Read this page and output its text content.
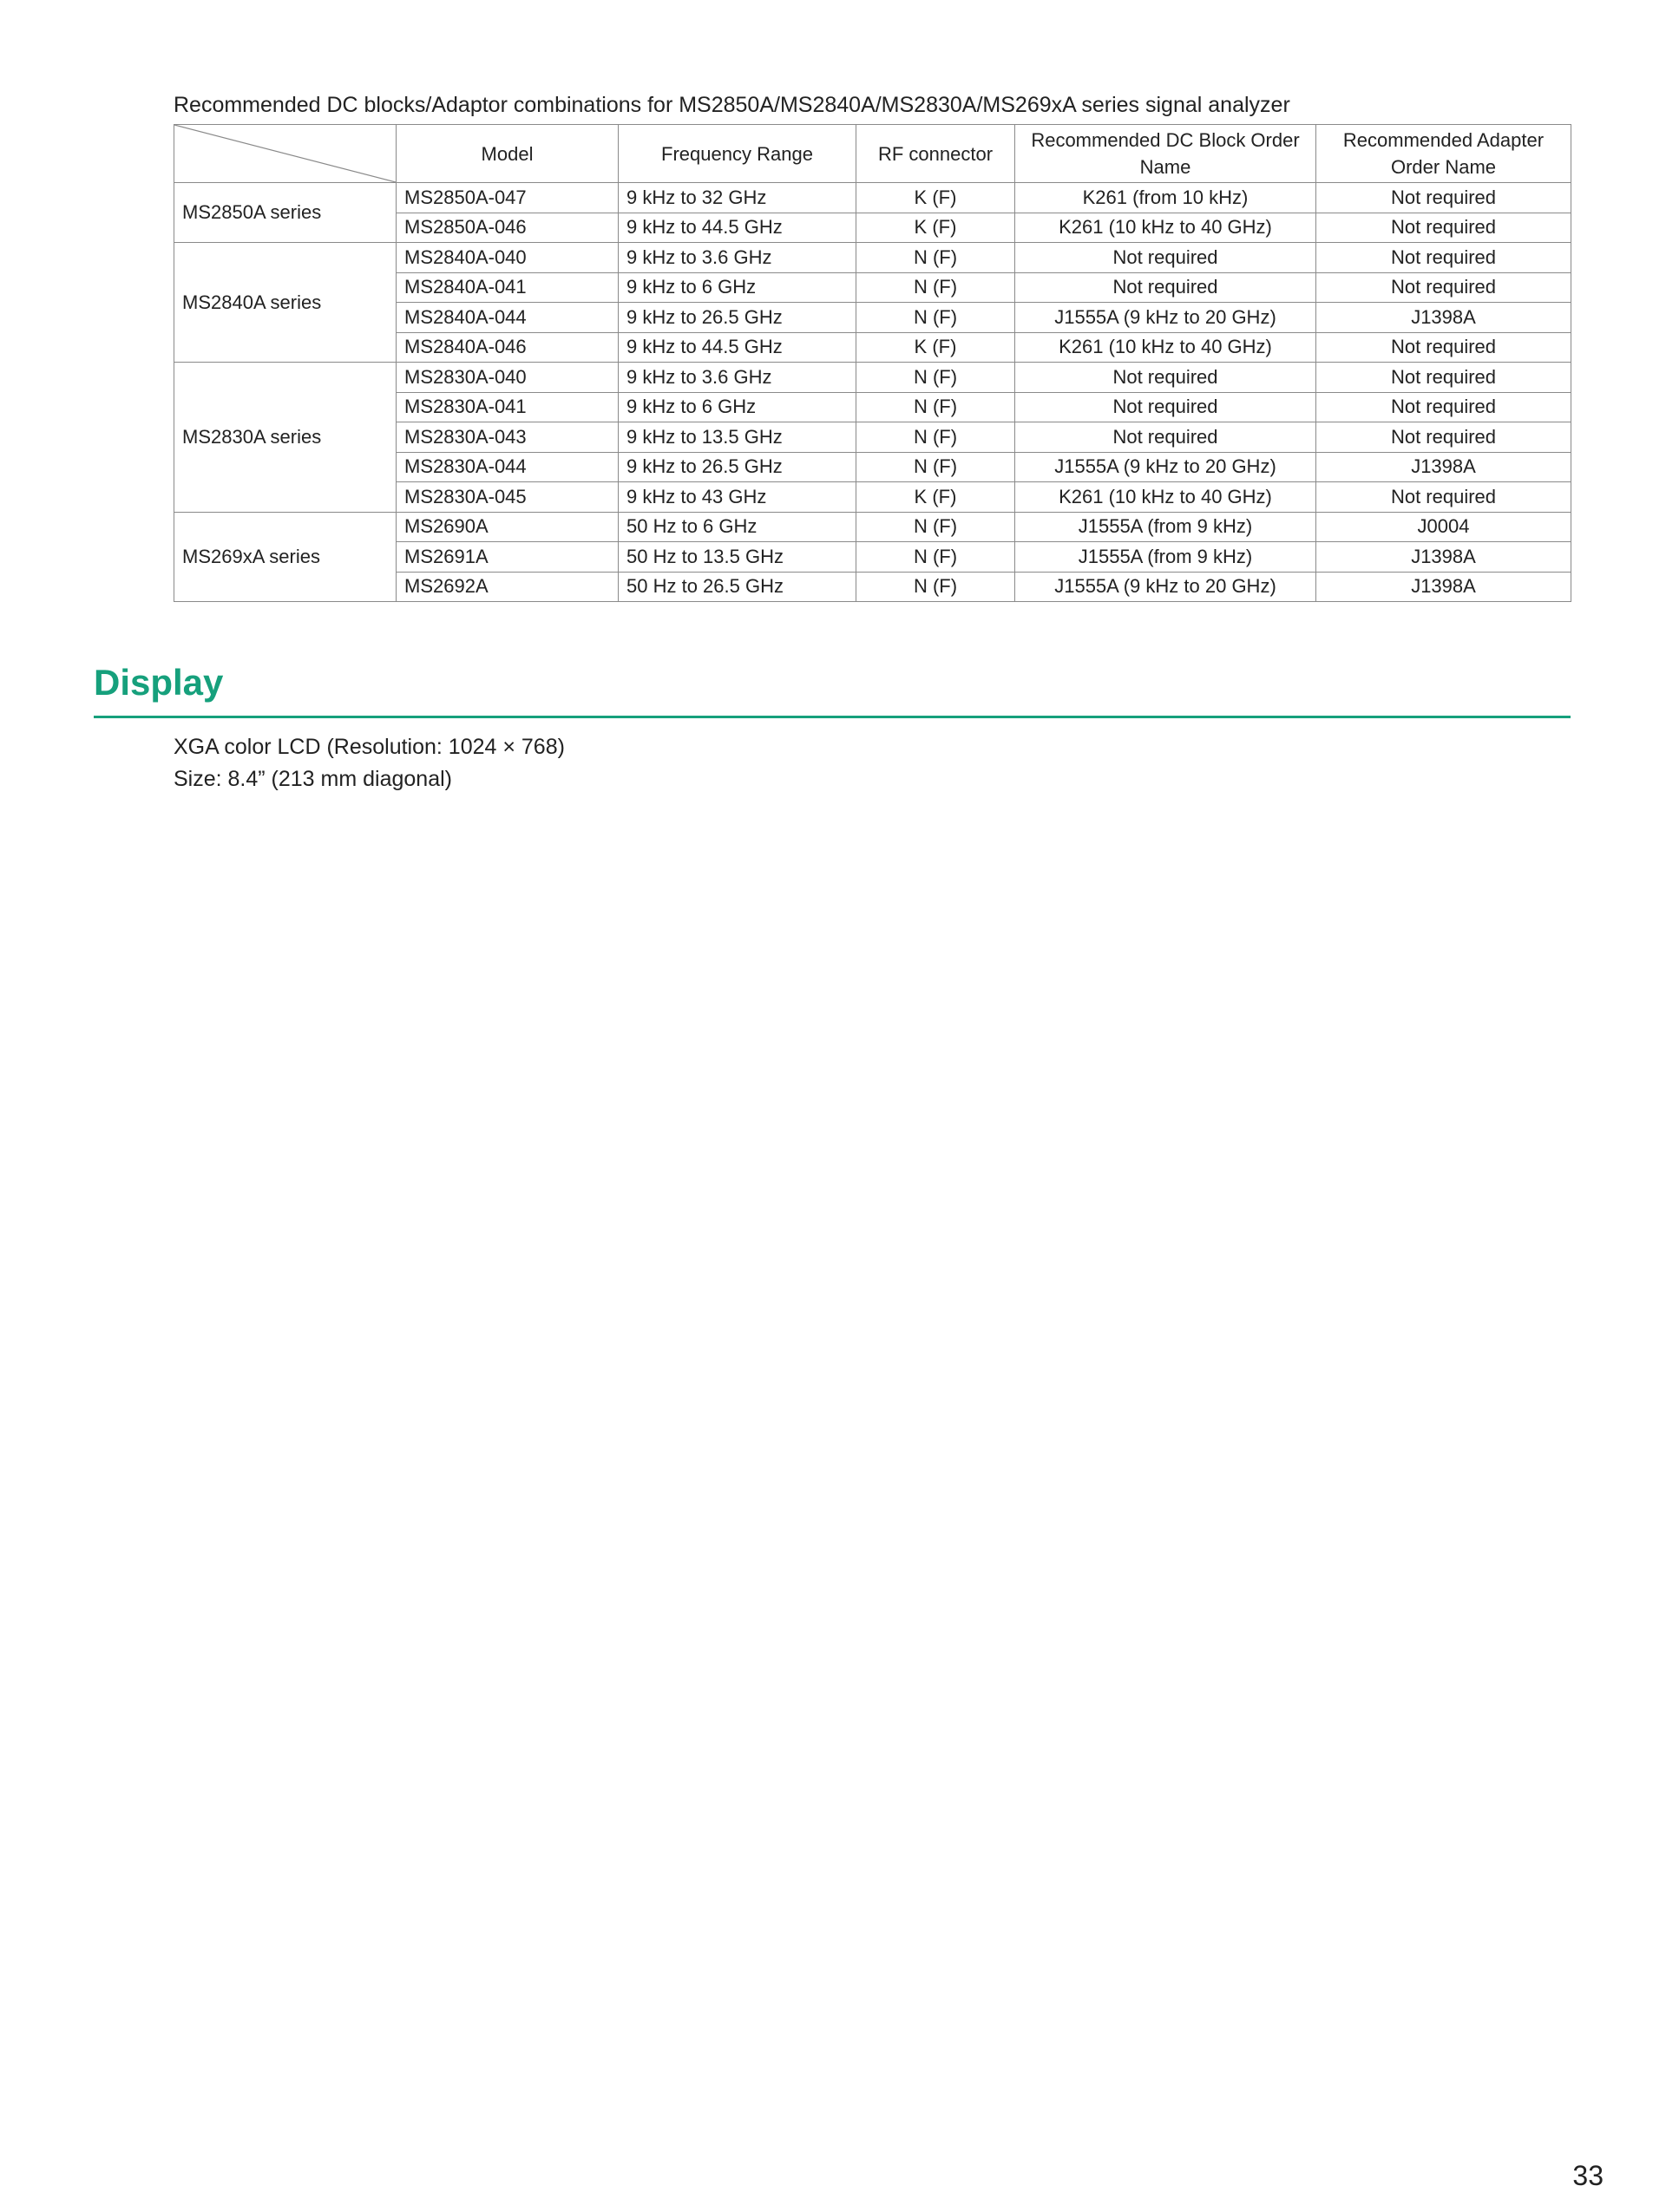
Recommended DC blocks/Adaptor combinations for MS2850A/MS2840A/MS2830A/MS269xA series signal analyzer
	Model	Frequency Range	RF connector	Recommended DC Block Order Name	Recommended Adapter Order Name
MS2850A series	MS2850A-047	9 kHz to 32 GHz	K (F)	K261 (from 10 kHz)	Not required
	MS2850A-046	9 kHz to 44.5 GHz	K (F)	K261 (10 kHz to 40 GHz)	Not required
MS2840A series	MS2840A-040	9 kHz to 3.6 GHz	N (F)	Not required	Not required
	MS2840A-041	9 kHz to 6 GHz	N (F)	Not required	Not required
	MS2840A-044	9 kHz to 26.5 GHz	N (F)	J1555A (9 kHz to 20 GHz)	J1398A
	MS2840A-046	9 kHz to 44.5 GHz	K (F)	K261 (10 kHz to 40 GHz)	Not required
MS2830A series	MS2830A-040	9 kHz to 3.6 GHz	N (F)	Not required	Not required
	MS2830A-041	9 kHz to 6 GHz	N (F)	Not required	Not required
	MS2830A-043	9 kHz to 13.5 GHz	N (F)	Not required	Not required
	MS2830A-044	9 kHz to 26.5 GHz	N (F)	J1555A (9 kHz to 20 GHz)	J1398A
	MS2830A-045	9 kHz to 43 GHz	K (F)	K261 (10 kHz to 40 GHz)	Not required
MS269xA series	MS2690A	50 Hz to 6 GHz	N (F)	J1555A (from 9 kHz)	J0004
	MS2691A	50 Hz to 13.5 GHz	N (F)	J1555A (from 9 kHz)	J1398A
	MS2692A	50 Hz to 26.5 GHz	N (F)	J1555A (9 kHz to 20 GHz)	J1398A
Display
XGA color LCD (Resolution: 1024 × 768)
Size: 8.4” (213 mm diagonal)
33
